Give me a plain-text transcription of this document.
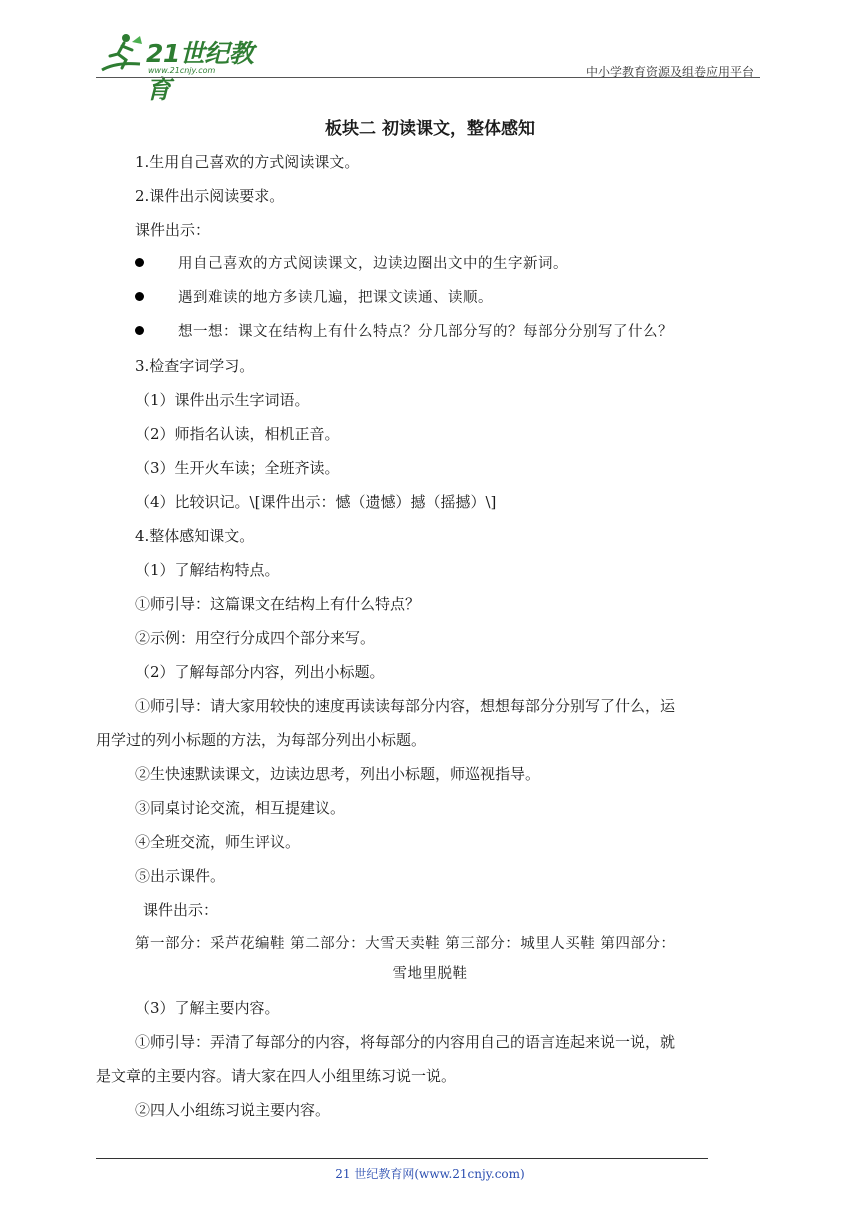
21世纪教育
www.21cnjy.com	中小学教育资源及组卷应用平台
板块二 初读课文，整体感知
1.生用自己喜欢的方式阅读课文。
2.课件出示阅读要求。
课件出示：
用自己喜欢的方式阅读课文，边读边圈出文中的生字新词。
遇到难读的地方多读几遍，把课文读通、读顺。
想一想：课文在结构上有什么特点？分几部分写的？每部分分别写了什么？
3.检查字词学习。
（1）课件出示生字词语。
（2）师指名认读，相机正音。
（3）生开火车读；全班齐读。
（4）比较识记。\[课件出示：憾（遗憾）撼（摇撼）\]
4.整体感知课文。
（1）了解结构特点。
①师引导：这篇课文在结构上有什么特点？
②示例：用空行分成四个部分来写。
（2）了解每部分内容，列出小标题。
①师引导：请大家用较快的速度再读读每部分内容，想想每部分分别写了什么，运
用学过的列小标题的方法，为每部分列出小标题。
②生快速默读课文，边读边思考，列出小标题，师巡视指导。
③同桌讨论交流，相互提建议。
④全班交流，师生评议。
⑤出示课件。
课件出示：
第一部分：采芦花编鞋 第二部分：大雪天卖鞋 第三部分：城里人买鞋 第四部分：
雪地里脱鞋
（3）了解主要内容。
①师引导：弄清了每部分的内容，将每部分的内容用自己的语言连起来说一说，就
是文章的主要内容。请大家在四人小组里练习说一说。
②四人小组练习说主要内容。
21 世纪教育网(www.21cnjy.com)
